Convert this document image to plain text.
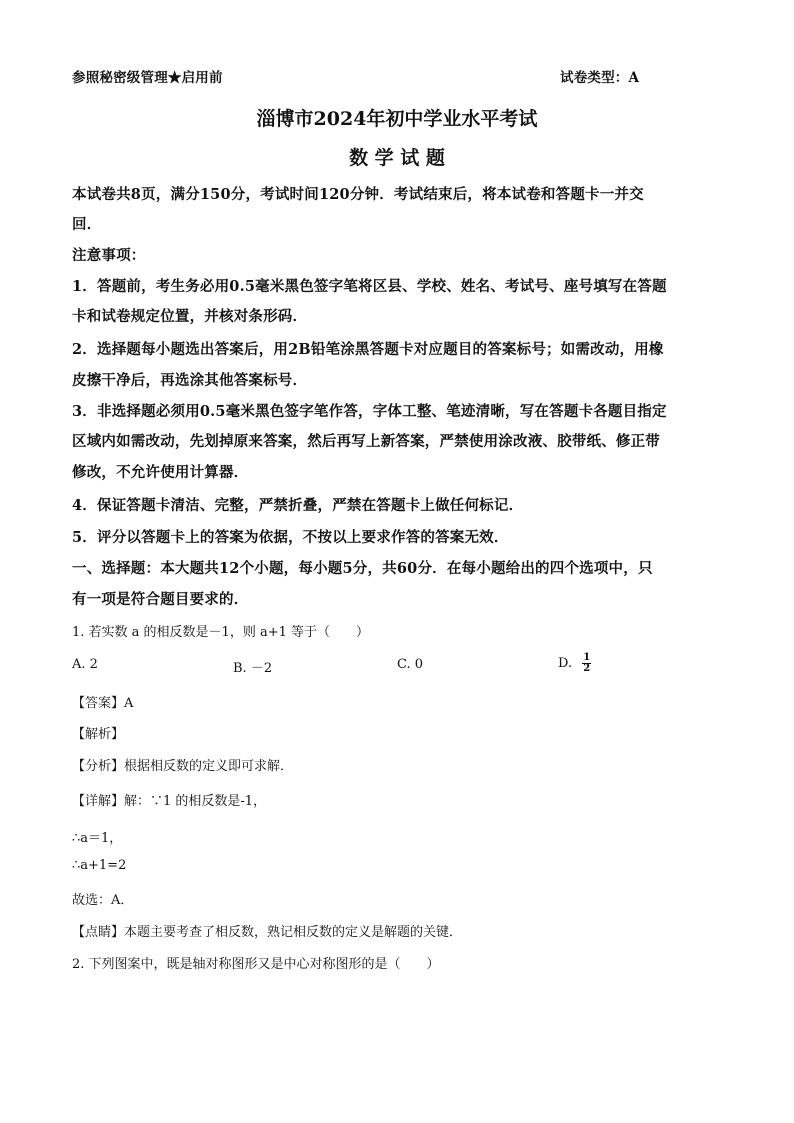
参照秘密级管理★启用前	试卷类型：A
淄博市2024年初中学业水平考试
数 学 试 题
本试卷共8页，满分150分，考试时间120分钟．考试结束后，将本试卷和答题卡一并交
回．
注意事项：
1．答题前，考生务必用0.5毫米黑色签字笔将区县、学校、姓名、考试号、座号填写在答题
卡和试卷规定位置，并核对条形码．
2．选择题每小题选出答案后，用2B铅笔涂黑答题卡对应题目的答案标号；如需改动，用橡
皮擦干净后，再选涂其他答案标号．
3．非选择题必须用0.5毫米黑色签字笔作答，字体工整、笔迹清晰，写在答题卡各题目指定
区域内如需改动，先划掉原来答案，然后再写上新答案，严禁使用涂改液、胶带纸、修正带
修改，不允许使用计算器．
4．保证答题卡清洁、完整，严禁折叠，严禁在答题卡上做任何标记．
5．评分以答题卡上的答案为依据，不按以上要求作答的答案无效．
一、选择题：本大题共12个小题，每小题5分，共60分．在每小题给出的四个选项中，只
有一项是符合题目要求的．
1. 若实数 a 的相反数是－1，则 a+1 等于（　　）
A. 2	B. －2	C. 0	D. $\frac{1}{2}$
【答案】A
【解析】
【分析】根据相反数的定义即可求解．
【详解】解：∵1 的相反数是-1，
∴a＝1，
∴a+1=2
故选：A．
【点睛】本题主要考查了相反数，熟记相反数的定义是解题的关键．
2. 下列图案中，既是轴对称图形又是中心对称图形的是（　　）
